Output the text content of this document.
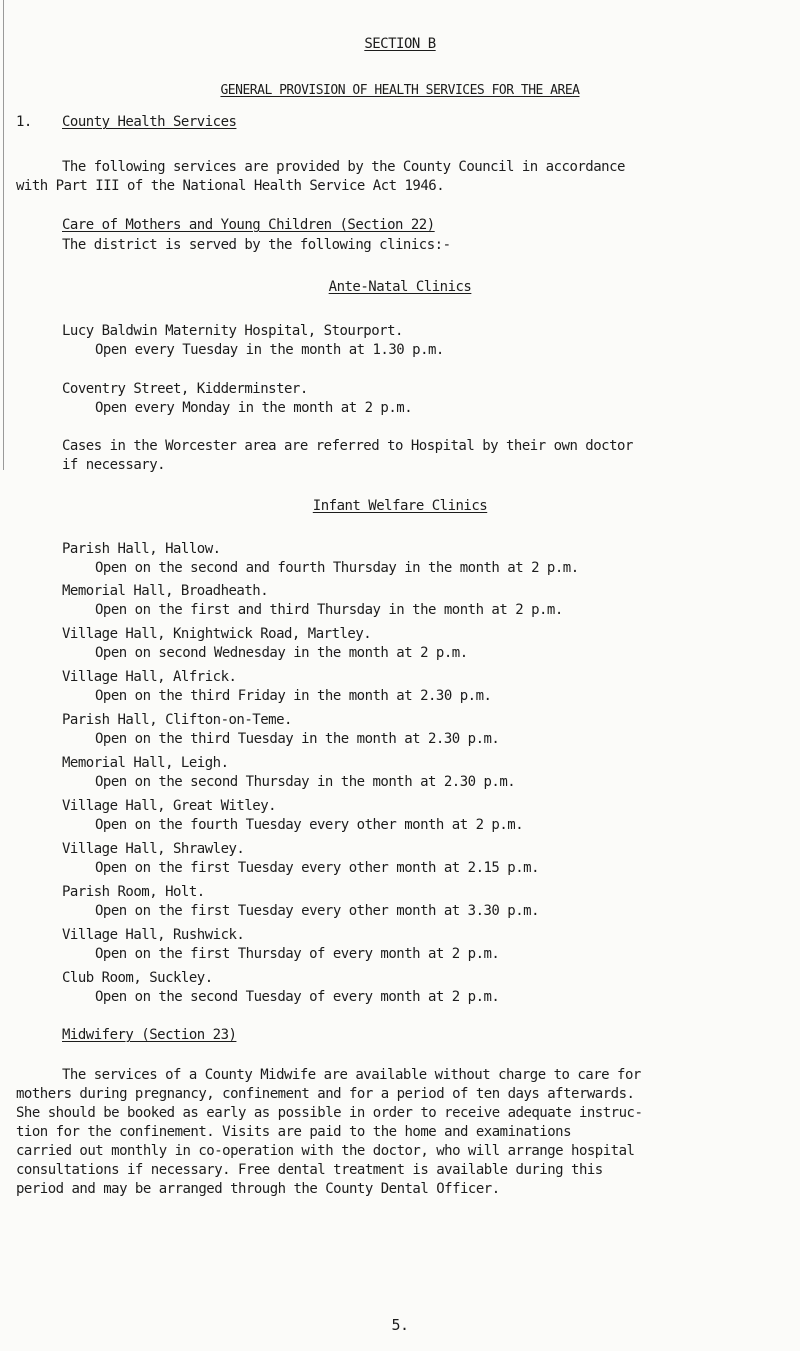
SECTION B
GENERAL PROVISION OF HEALTH SERVICES FOR THE AREA
1. County Health Services
The following services are provided by the County Council in accordance
with Part III of the National Health Service Act 1946.
Care of Mothers and Young Children (Section 22)
The district is served by the following clinics:-
Ante-Natal Clinics
Lucy Baldwin Maternity Hospital, Stourport.
Open every Tuesday in the month at 1.30 p.m.
Coventry Street, Kidderminster.
Open every Monday in the month at 2 p.m.
Cases in the Worcester area are referred to Hospital by their own doctor
if necessary.
Infant Welfare Clinics
Parish Hall, Hallow.
Open on the second and fourth Thursday in the month at 2 p.m.
Memorial Hall, Broadheath.
Open on the first and third Thursday in the month at 2 p.m.
Village Hall, Knightwick Road, Martley.
Open on second Wednesday in the month at 2 p.m.
Village Hall, Alfrick.
Open on the third Friday in the month at 2.30 p.m.
Parish Hall, Clifton-on-Teme.
Open on the third Tuesday in the month at 2.30 p.m.
Memorial Hall, Leigh.
Open on the second Thursday in the month at 2.30 p.m.
Village Hall, Great Witley.
Open on the fourth Tuesday every other month at 2 p.m.
Village Hall, Shrawley.
Open on the first Tuesday every other month at 2.15 p.m.
Parish Room, Holt.
Open on the first Tuesday every other month at 3.30 p.m.
Village Hall, Rushwick.
Open on the first Thursday of every month at 2 p.m.
Club Room, Suckley.
Open on the second Tuesday of every month at 2 p.m.
Midwifery (Section 23)
The services of a County Midwife are available without charge to care for
mothers during pregnancy, confinement and for a period of ten days afterwards.
She should be booked as early as possible in order to receive adequate instruc-
tion for the confinement. Visits are paid to the home and examinations
carried out monthly in co-operation with the doctor, who will arrange hospital
consultations if necessary. Free dental treatment is available during this
period and may be arranged through the County Dental Officer.
5.
